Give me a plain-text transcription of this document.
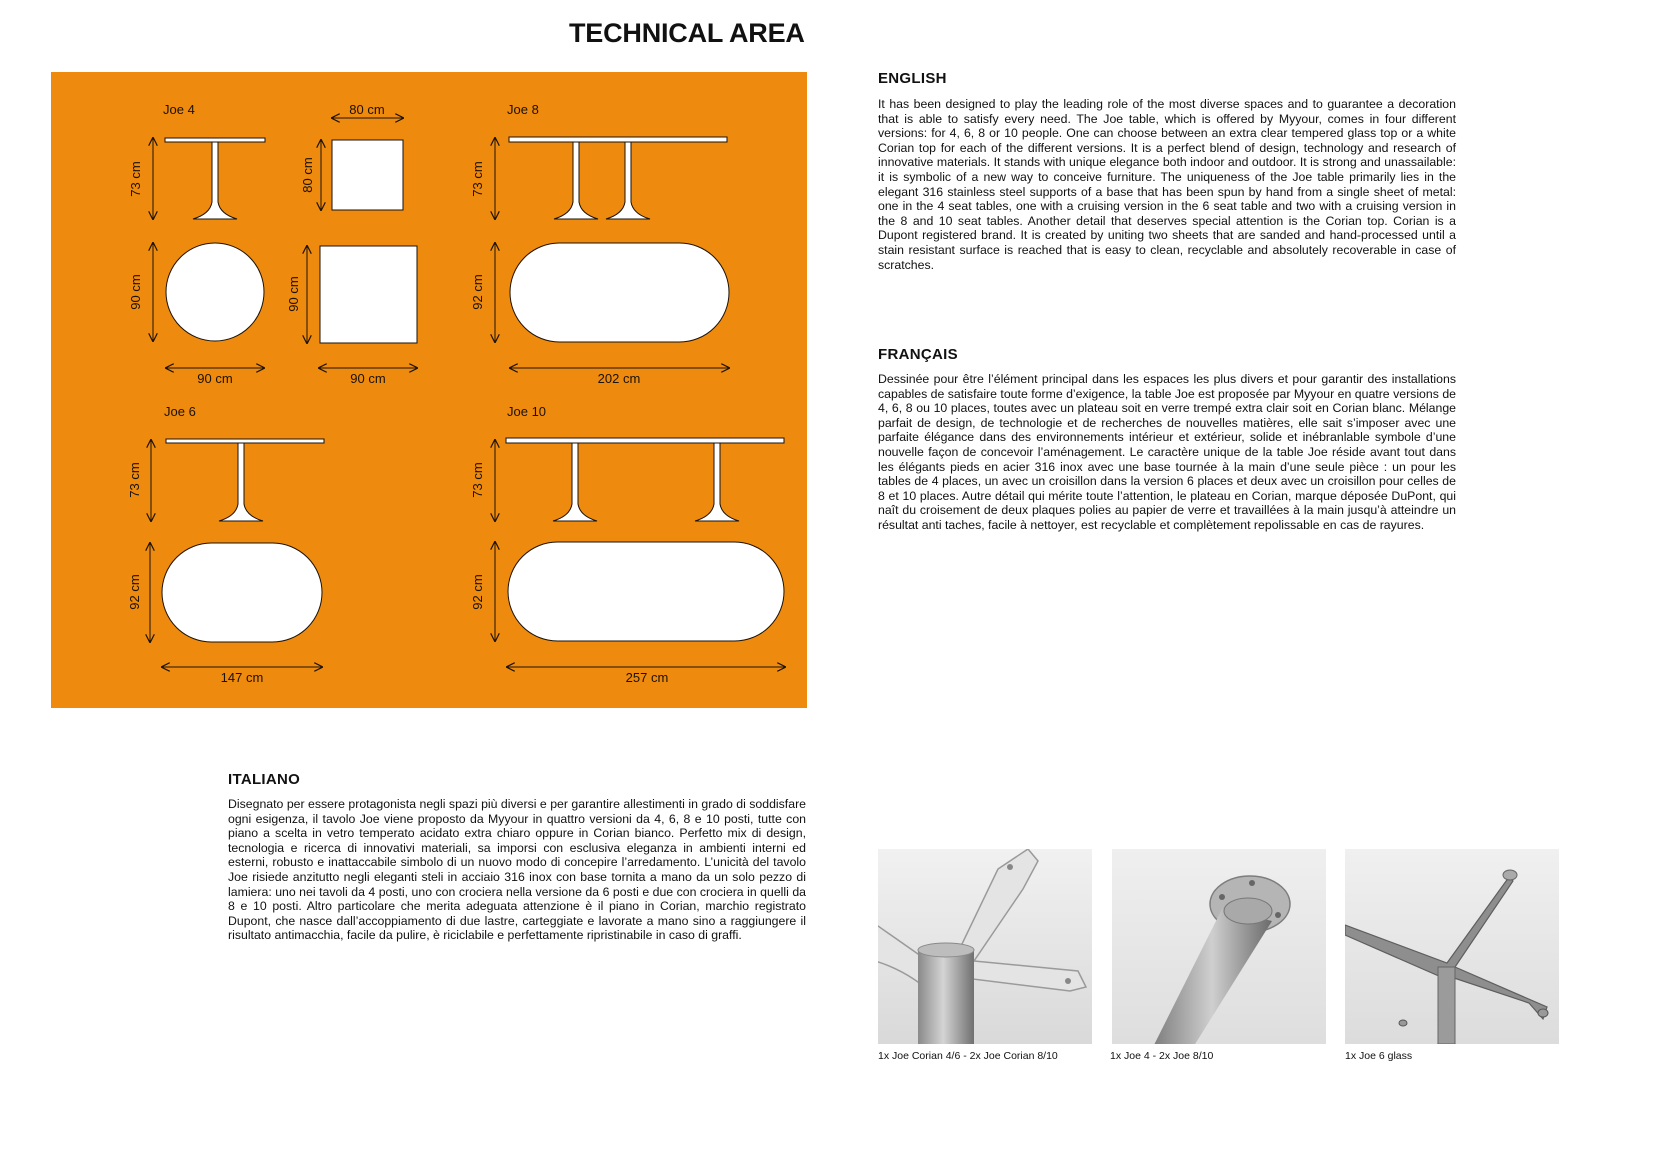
TECHNICAL AREA
Joe 4
73 cm
90 cm
90 cm
80 cm
80 cm
90 cm
90 cm
Joe 8
73 cm
92 cm
202 cm
Joe 6
73 cm
92 cm
147 cm
Joe 10
73 cm
92 cm
257 cm
ENGLISH

It has been designed to play the leading role of the most diverse spaces and to guarantee a decoration that is able to satisfy every need. The Joe table, which is offered by Myyour, comes in four different versions: for 4, 6, 8 or 10 people. One can choose between an extra clear tempered glass top or a white Corian top for each of the different versions. It is a perfect blend of design, technology and research of innovative materials. It stands with unique elegance both indoor and outdoor. It is strong and unassailable: it is symbolic of a new way to conceive furniture. The uniqueness of the Joe table primarily lies in the elegant 316 stainless steel supports of a base that has been spun by hand from a single sheet of metal: one in the 4 seat tables, one with a cruising version in the 6 seat table and two with a cruising version in the 8 and 10 seat tables. Another detail that deserves special attention is the Corian top. Corian is a Dupont registered brand. It is created by uniting two sheets that are sanded and hand-processed until a stain resistant surface is reached that is easy to clean, recyclable and absolutely recoverable in case of scratches.

FRANÇAIS

Dessinée pour être l’élément principal dans les espaces les plus divers et pour garantir des installations capables de satisfaire toute forme d’exigence, la table Joe est proposée par Myyour en quatre versions de 4, 6, 8 ou 10 places, toutes avec un plateau soit en verre trempé extra clair soit en Corian blanc. Mélange parfait de design, de technologie et de recherches de nouvelles matières, elle sait s’imposer avec une parfaite élégance dans des environnements intérieur et extérieur, solide et inébranlable symbole d’une nouvelle façon de concevoir l’aménagement. Le caractère unique de la table Joe réside avant tout dans les élégants pieds en acier 316 inox avec une base tournée à la main d’une seule pièce : un pour les tables de 4 places, un avec un croisillon dans la version 6 places et deux avec un croisillon pour celles de 8 et 10 places. Autre détail qui mérite toute l’attention, le plateau en Corian, marque déposée DuPont, qui naît du croisement de deux plaques polies au papier de verre et travaillées à la main jusqu’à atteindre un résultat anti taches, facile à nettoyer, est recyclable et complètement repolissable en cas de rayures.

ITALIANO

Disegnato per essere protagonista negli spazi più diversi e per garantire allestimenti in grado di soddisfare ogni esigenza, il tavolo Joe viene proposto da Myyour in quattro versioni da 4, 6, 8 e 10 posti, tutte con piano a scelta in vetro temperato acidato extra chiaro oppure in Corian bianco. Perfetto mix di design, tecnologia e ricerca di innovativi materiali, sa imporsi con esclusiva eleganza in ambienti interni ed esterni, robusto e inattaccabile simbolo di un nuovo modo di concepire l’arredamento. L’unicità del tavolo Joe risiede anzitutto negli eleganti steli in acciaio 316 inox con base tornita a mano da un solo pezzo di lamiera: uno nei tavoli da 4 posti, uno con crociera nella versione da 6 posti e due con crociera in quelli da 8 e 10 posti. Altro particolare che merita adeguata attenzione è il piano in Corian, marchio registrato Dupont, che nasce dall’accoppiamento di due lastre, carteggiate e lavorate a mano sino a raggiungere il risultato antimacchia, facile da pulire, è riciclabile e perfettamente ripristinabile in caso di graffi.

1x Joe Corian 4/6 - 2x Joe Corian 8/10	1x Joe 4 - 2x Joe 8/10	1x Joe 6 glass
